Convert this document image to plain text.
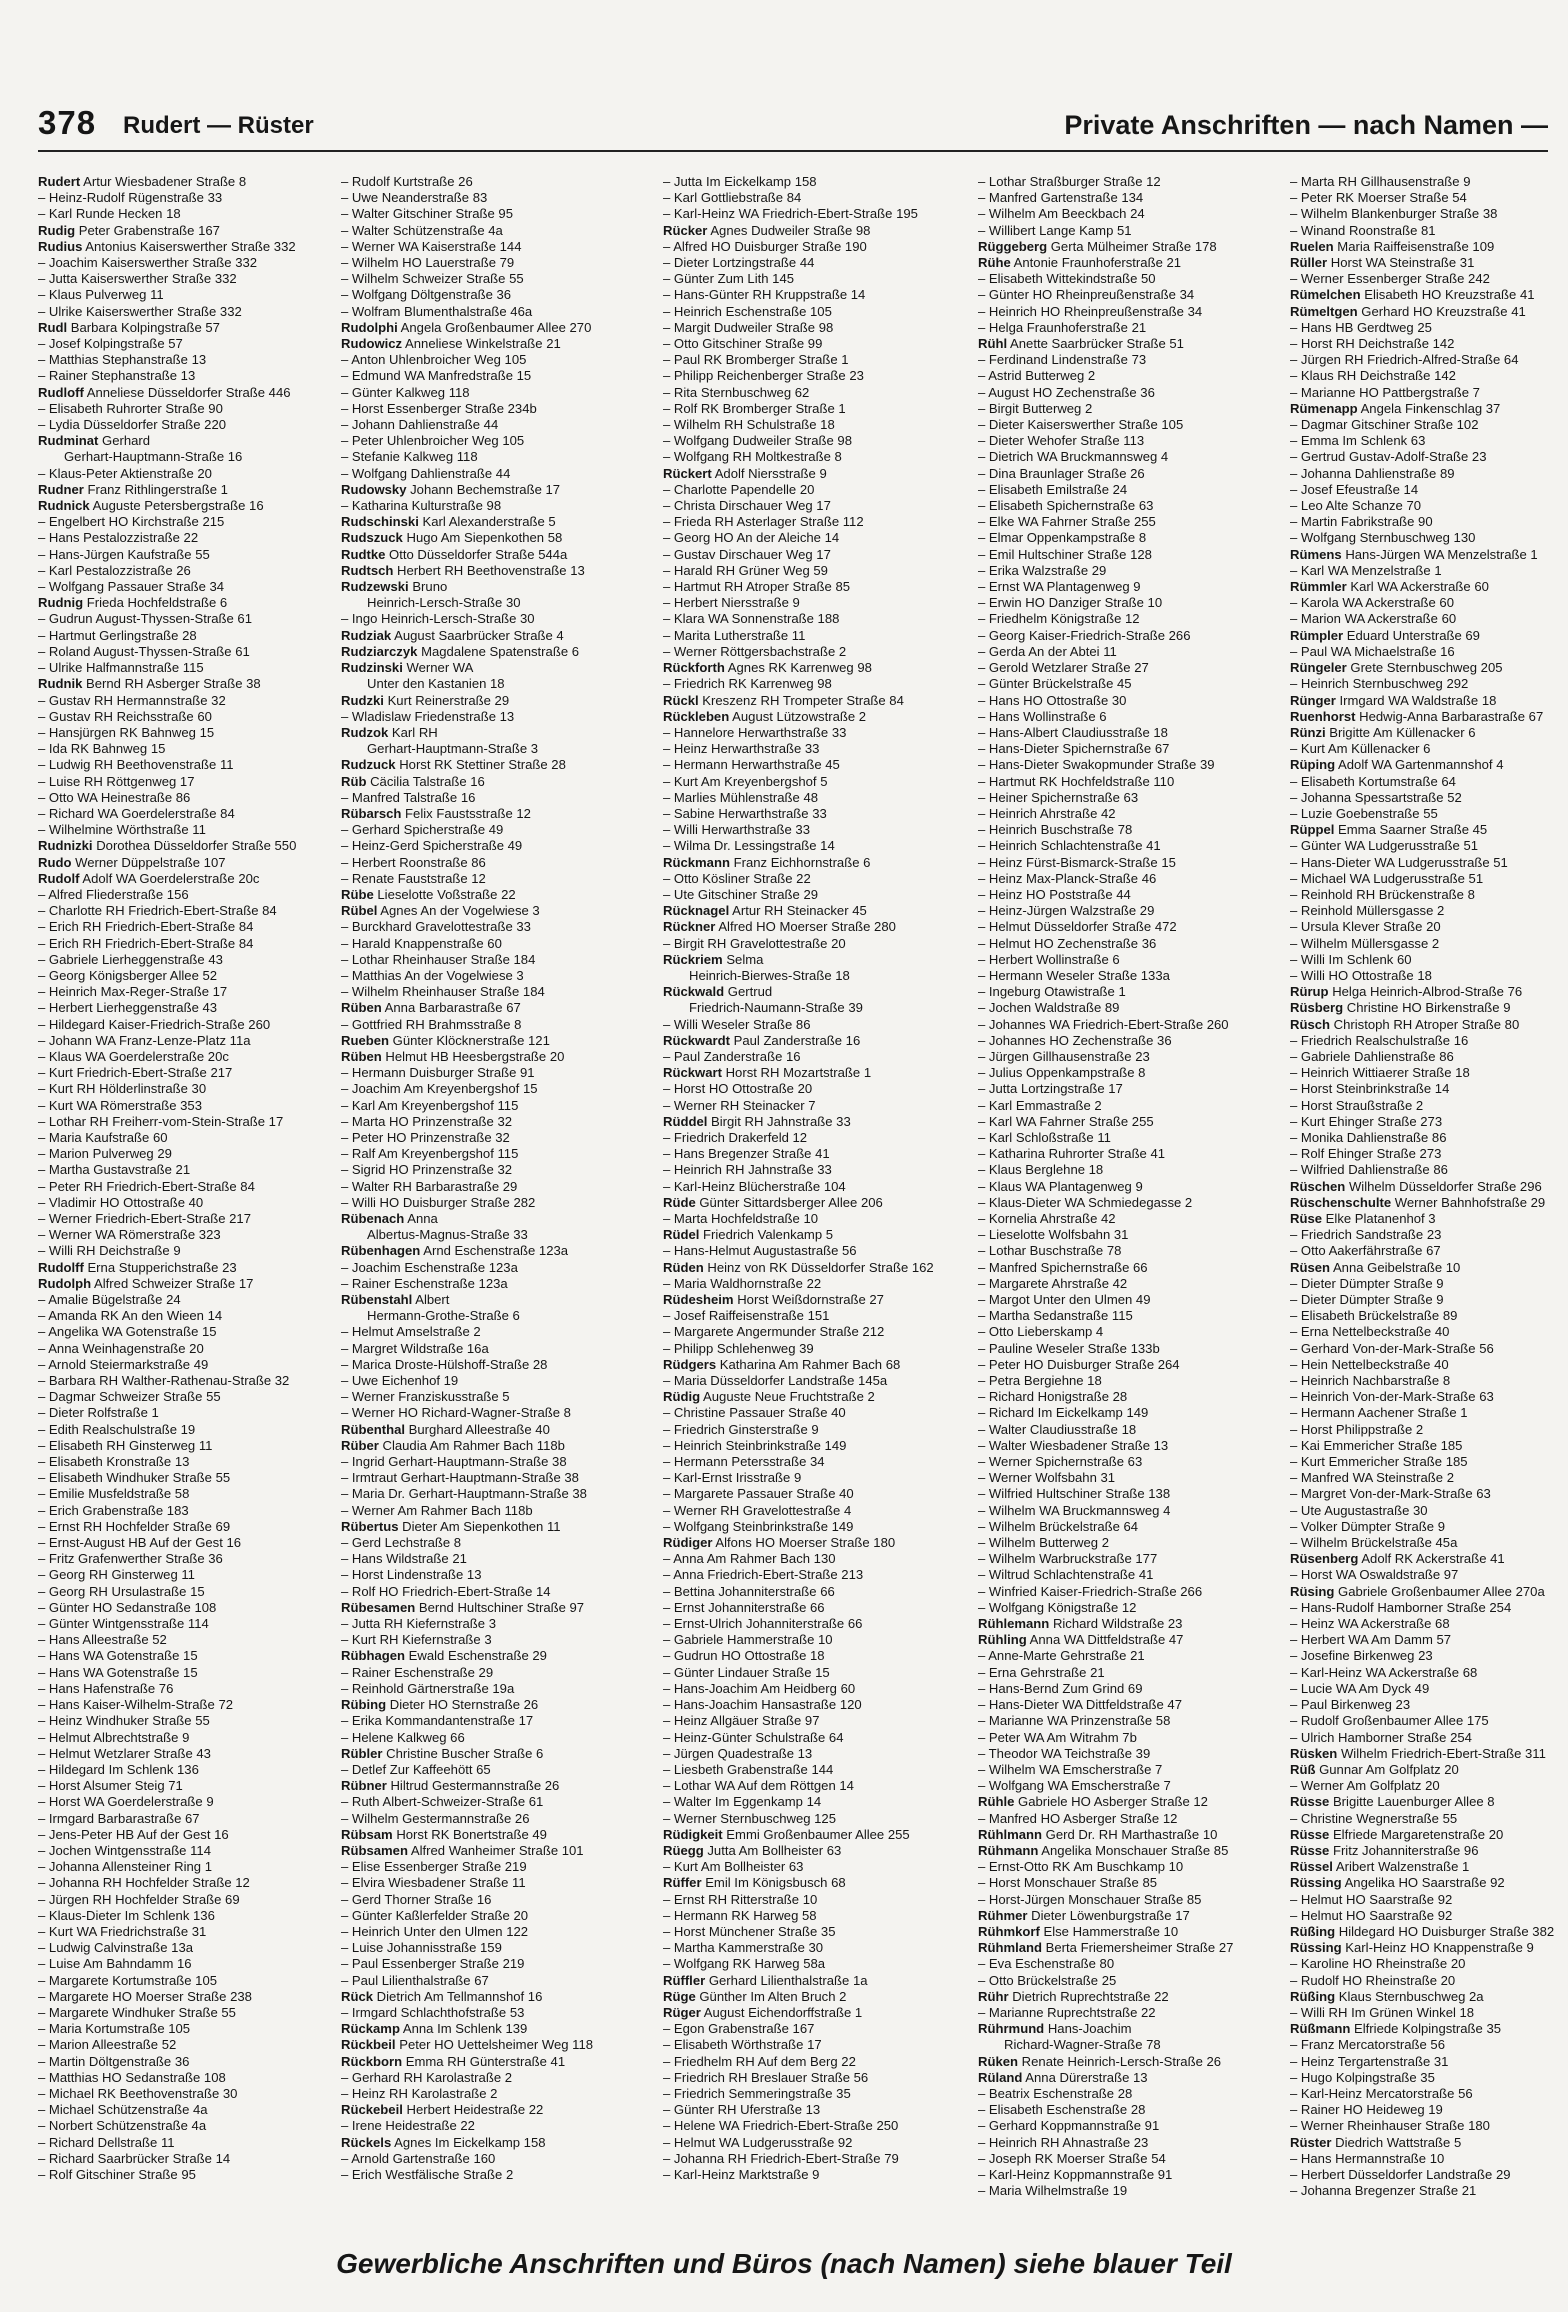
378 Rudert — Rüster	Private Anschriften — nach Namen —
Rudert Artur Wiesbadener Straße 8
– Heinz-Rudolf Rügenstraße 33
– Karl Runde Hecken 18
Rudig Peter Grabenstraße 167
Rudius Antonius Kaiserswerther Straße 332
– Joachim Kaiserswerther Straße 332
– Jutta Kaiserswerther Straße 332
– Klaus Pulverweg 11
– Ulrike Kaiserswerther Straße 332
Rudl Barbara Kolpingstraße 57
– Josef Kolpingstraße 57
– Matthias Stephanstraße 13
– Rainer Stephanstraße 13
Rudloff Anneliese Düsseldorfer Straße 446
– Elisabeth Ruhrorter Straße 90
– Lydia Düsseldorfer Straße 220
Rudminat Gerhard
Gerhart-Hauptmann-Straße 16
– Klaus-Peter Aktienstraße 20
Rudner Franz Rithlingerstraße 1
Rudnick Auguste Petersbergstraße 16
– Engelbert HO Kirchstraße 215
– Hans Pestalozzistraße 22
– Hans-Jürgen Kaufstraße 55
– Karl Pestalozzistraße 26
– Wolfgang Passauer Straße 34
Rudnig Frieda Hochfeldstraße 6
– Gudrun August-Thyssen-Straße 61
– Hartmut Gerlingstraße 28
– Roland August-Thyssen-Straße 61
– Ulrike Halfmannstraße 115
Rudnik Bernd RH Asberger Straße 38
– Gustav RH Hermannstraße 32
– Gustav RH Reichsstraße 60
– Hansjürgen RK Bahnweg 15
– Ida RK Bahnweg 15
– Ludwig RH Beethovenstraße 11
– Luise RH Röttgenweg 17
– Otto WA Heinestraße 86
– Richard WA Goerdelerstraße 84
– Wilhelmine Wörthstraße 11
Rudnizki Dorothea Düsseldorfer Straße 550
Rudo Werner Düppelstraße 107
Rudolf Adolf WA Goerdelerstraße 20c
– Alfred Fliederstraße 156
– Charlotte RH Friedrich-Ebert-Straße 84
– Erich RH Friedrich-Ebert-Straße 84
– Erich RH Friedrich-Ebert-Straße 84
– Gabriele Lierheggenstraße 43
– Georg Königsberger Allee 52
– Heinrich Max-Reger-Straße 17
– Herbert Lierheggenstraße 43
– Hildegard Kaiser-Friedrich-Straße 260
– Johann WA Franz-Lenze-Platz 11a
– Klaus WA Goerdelerstraße 20c
– Kurt Friedrich-Ebert-Straße 217
– Kurt RH Hölderlinstraße 30
– Kurt WA Römerstraße 353
– Lothar RH Freiherr-vom-Stein-Straße 17
– Maria Kaufstraße 60
– Marion Pulverweg 29
– Martha Gustavstraße 21
– Peter RH Friedrich-Ebert-Straße 84
– Vladimir HO Ottostraße 40
– Werner Friedrich-Ebert-Straße 217
– Werner WA Römerstraße 323
– Willi RH Deichstraße 9
Rudolff Erna Stupperichstraße 23
Rudolph Alfred Schweizer Straße 17
– Amalie Bügelstraße 24
– Amanda RK An den Wieen 14
– Angelika WA Gotenstraße 15
– Anna Weinhagenstraße 20
– Arnold Steiermarkstraße 49
– Barbara RH Walther-Rathenau-Straße 32
– Dagmar Schweizer Straße 55
– Dieter Rolfstraße 1
– Edith Realschulstraße 19
– Elisabeth RH Ginsterweg 11
– Elisabeth Kronstraße 13
– Elisabeth Windhuker Straße 55
– Emilie Musfeldstraße 58
– Erich Grabenstraße 183
– Ernst RH Hochfelder Straße 69
– Ernst-August HB Auf der Gest 16
– Fritz Grafenwerther Straße 36
– Georg RH Ginsterweg 11
– Georg RH Ursulastraße 15
– Günter HO Sedanstraße 108
– Günter Wintgensstraße 114
– Hans Alleestraße 52
– Hans WA Gotenstraße 15
– Hans WA Gotenstraße 15
– Hans Hafenstraße 76
– Hans Kaiser-Wilhelm-Straße 72
– Heinz Windhuker Straße 55
– Helmut Albrechtstraße 9
– Helmut Wetzlarer Straße 43
– Hildegard Im Schlenk 136
– Horst Alsumer Steig 71
– Horst WA Goerdelerstraße 9
– Irmgard Barbarastraße 67
– Jens-Peter HB Auf der Gest 16
– Jochen Wintgensstraße 114
– Johanna Allensteiner Ring 1
– Johanna RH Hochfelder Straße 12
– Jürgen RH Hochfelder Straße 69
– Klaus-Dieter Im Schlenk 136
– Kurt WA Friedrichstraße 31
– Ludwig Calvinstraße 13a
– Luise Am Bahndamm 16
– Margarete Kortumstraße 105
– Margarete HO Moerser Straße 238
– Margarete Windhuker Straße 55
– Maria Kortumstraße 105
– Marion Alleestraße 52
– Martin Döltgenstraße 36
– Matthias HO Sedanstraße 108
– Michael RK Beethovenstraße 30
– Michael Schützenstraße 4a
– Norbert Schützenstraße 4a
– Richard Dellstraße 11
– Richard Saarbrücker Straße 14
– Rolf Gitschiner Straße 95
– Rudolf Kurtstraße 26
– Uwe Neanderstraße 83
– Walter Gitschiner Straße 95
– Walter Schützenstraße 4a
– Werner WA Kaiserstraße 144
– Wilhelm HO Lauerstraße 79
– Wilhelm Schweizer Straße 55
– Wolfgang Döltgenstraße 36
– Wolfram Blumenthalstraße 46a
Rudolphi Angela Großenbaumer Allee 270
Rudowicz Anneliese Winkelstraße 21
– Anton Uhlenbroicher Weg 105
– Edmund WA Manfredstraße 15
– Günter Kalkweg 118
– Horst Essenberger Straße 234b
– Johann Dahlienstraße 44
– Peter Uhlenbroicher Weg 105
– Stefanie Kalkweg 118
– Wolfgang Dahlienstraße 44
Rudowsky Johann Bechemstraße 17
– Katharina Kulturstraße 98
Rudschinski Karl Alexanderstraße 5
Rudszuck Hugo Am Siepenkothen 58
Rudtke Otto Düsseldorfer Straße 544a
Rudtsch Herbert RH Beethovenstraße 13
Rudzewski Bruno
Heinrich-Lersch-Straße 30
– Ingo Heinrich-Lersch-Straße 30
Rudziak August Saarbrücker Straße 4
Rudziarczyk Magdalene Spatenstraße 6
Rudzinski Werner WA
Unter den Kastanien 18
Rudzki Kurt Reinerstraße 29
– Wladislaw Friedenstraße 13
Rudzok Karl RH
Gerhart-Hauptmann-Straße 3
Rudzuck Horst RK Stettiner Straße 28
Rüb Cäcilia Talstraße 16
– Manfred Talstraße 16
Rübarsch Felix Faustsstraße 12
– Gerhard Spicherstraße 49
– Heinz-Gerd Spicherstraße 49
– Herbert Roonstraße 86
– Renate Fauststraße 12
Rübe Lieselotte Voßstraße 22
Rübel Agnes An der Vogelwiese 3
– Burckhard Gravelottestraße 33
– Harald Knappenstraße 60
– Lothar Rheinhauser Straße 184
– Matthias An der Vogelwiese 3
– Wilhelm Rheinhauser Straße 184
Rüben Anna Barbarastraße 67
– Gottfried RH Brahmsstraße 8
Rueben Günter Klöcknerstraße 121
Rüben Helmut HB Heesbergstraße 20
– Hermann Duisburger Straße 91
– Joachim Am Kreyenbergshof 15
– Karl Am Kreyenbergshof 115
– Marta HO Prinzenstraße 32
– Peter HO Prinzenstraße 32
– Ralf Am Kreyenbergshof 115
– Sigrid HO Prinzenstraße 32
– Walter RH Barbarastraße 29
– Willi HO Duisburger Straße 282
Rübenach Anna
Albertus-Magnus-Straße 33
Rübenhagen Arnd Eschenstraße 123a
– Joachim Eschenstraße 123a
– Rainer Eschenstraße 123a
Rübenstahl Albert
Hermann-Grothe-Straße 6
– Helmut Amselstraße 2
– Margret Wildstraße 16a
– Marica Droste-Hülshoff-Straße 28
– Uwe Eichenhof 19
– Werner Franziskusstraße 5
– Werner HO Richard-Wagner-Straße 8
Rübenthal Burghard Alleestraße 40
Rüber Claudia Am Rahmer Bach 118b
– Ingrid Gerhart-Hauptmann-Straße 38
– Irmtraut Gerhart-Hauptmann-Straße 38
– Maria Dr. Gerhart-Hauptmann-Straße 38
– Werner Am Rahmer Bach 118b
Rübertus Dieter Am Siepenkothen 11
– Gerd Lechstraße 8
– Hans Wildstraße 21
– Horst Lindenstraße 13
– Rolf HO Friedrich-Ebert-Straße 14
Rübesamen Bernd Hultschiner Straße 97
– Jutta RH Kiefernstraße 3
– Kurt RH Kiefernstraße 3
Rübhagen Ewald Eschenstraße 29
– Rainer Eschenstraße 29
– Reinhold Gärtnerstraße 19a
Rübing Dieter HO Sternstraße 26
– Erika Kommandantenstraße 17
– Helene Kalkweg 66
Rübler Christine Buscher Straße 6
– Detlef Zur Kaffeehött 65
Rübner Hiltrud Gestermannstraße 26
– Ruth Albert-Schweizer-Straße 61
– Wilhelm Gestermannstraße 26
Rübsam Horst RK Bonertstraße 49
Rübsamen Alfred Wanheimer Straße 101
– Elise Essenberger Straße 219
– Elvira Wiesbadener Straße 11
– Gerd Thorner Straße 16
– Günter Kaßlerfelder Straße 20
– Heinrich Unter den Ulmen 122
– Luise Johannisstraße 159
– Paul Essenberger Straße 219
– Paul Lilienthalstraße 67
Rück Dietrich Am Tellmannshof 16
– Irmgard Schlachthofstraße 53
Rückamp Anna Im Schlenk 139
Rückbeil Peter HO Uettelsheimer Weg 118
Rückborn Emma RH Günterstraße 41
– Gerhard RH Karolastraße 2
– Heinz RH Karolastraße 2
Rückebeil Herbert Heidestraße 22
– Irene Heidestraße 22
Rückels Agnes Im Eickelkamp 158
– Arnold Gartenstraße 160
– Erich Westfälische Straße 2
– Jutta Im Eickelkamp 158
– Karl Gottliebstraße 84
– Karl-Heinz WA Friedrich-Ebert-Straße 195
Rücker Agnes Dudweiler Straße 98
– Alfred HO Duisburger Straße 190
– Dieter Lortzingstraße 44
– Günter Zum Lith 145
– Hans-Günter RH Kruppstraße 14
– Heinrich Eschenstraße 105
– Margit Dudweiler Straße 98
– Otto Gitschiner Straße 99
– Paul RK Bromberger Straße 1
– Philipp Reichenberger Straße 23
– Rita Sternbuschweg 62
– Rolf RK Bromberger Straße 1
– Wilhelm RH Schulstraße 18
– Wolfgang Dudweiler Straße 98
– Wolfgang RH Moltkestraße 8
Rückert Adolf Niersstraße 9
– Charlotte Papendelle 20
– Christa Dirschauer Weg 17
– Frieda RH Asterlager Straße 112
– Georg HO An der Aleiche 14
– Gustav Dirschauer Weg 17
– Harald RH Grüner Weg 59
– Hartmut RH Atroper Straße 85
– Herbert Niersstraße 9
– Klara WA Sonnenstraße 188
– Marita Lutherstraße 11
– Werner Röttgersbachstraße 2
Rückforth Agnes RK Karrenweg 98
– Friedrich RK Karrenweg 98
Rückl Kreszenz RH Trompeter Straße 84
Rückleben August Lützowstraße 2
– Hannelore Herwarthstraße 33
– Heinz Herwarthstraße 33
– Hermann Herwarthstraße 45
– Kurt Am Kreyenbergshof 5
– Marlies Mühlenstraße 48
– Sabine Herwarthstraße 33
– Willi Herwarthstraße 33
– Wilma Dr. Lessingstraße 14
Rückmann Franz Eichhornstraße 6
– Otto Kösliner Straße 22
– Ute Gitschiner Straße 29
Rücknagel Artur RH Steinacker 45
Rückner Alfred HO Moerser Straße 280
– Birgit RH Gravelottestraße 20
Rückriem Selma
Heinrich-Bierwes-Straße 18
Rückwald Gertrud
Friedrich-Naumann-Straße 39
– Willi Weseler Straße 86
Rückwardt Paul Zanderstraße 16
– Paul Zanderstraße 16
Rückwart Horst RH Mozartstraße 1
– Horst HO Ottostraße 20
– Werner RH Steinacker 7
Rüddel Birgit RH Jahnstraße 33
– Friedrich Drakerfeld 12
– Hans Bregenzer Straße 41
– Heinrich RH Jahnstraße 33
– Karl-Heinz Blücherstraße 104
Rüde Günter Sittardsberger Allee 206
– Marta Hochfeldstraße 10
Rüdel Friedrich Valenkamp 5
– Hans-Helmut Augustastraße 56
Rüden Heinz von RK Düsseldorfer Straße 162
– Maria Waldhornstraße 22
Rüdesheim Horst Weißdornstraße 27
– Josef Raiffeisenstraße 151
– Margarete Angermunder Straße 212
– Philipp Schlehenweg 39
Rüdgers Katharina Am Rahmer Bach 68
– Maria Düsseldorfer Landstraße 145a
Rüdig Auguste Neue Fruchtstraße 2
– Christine Passauer Straße 40
– Friedrich Ginsterstraße 9
– Heinrich Steinbrinkstraße 149
– Hermann Petersstraße 34
– Karl-Ernst Irisstraße 9
– Margarete Passauer Straße 40
– Werner RH Gravelottestraße 4
– Wolfgang Steinbrinkstraße 149
Rüdiger Alfons HO Moerser Straße 180
– Anna Am Rahmer Bach 130
– Anna Friedrich-Ebert-Straße 213
– Bettina Johanniterstraße 66
– Ernst Johanniterstraße 66
– Ernst-Ulrich Johanniterstraße 66
– Gabriele Hammerstraße 10
– Gudrun HO Ottostraße 18
– Günter Lindauer Straße 15
– Hans-Joachim Am Heidberg 60
– Hans-Joachim Hansastraße 120
– Heinz Allgäuer Straße 97
– Heinz-Günter Schulstraße 64
– Jürgen Quadestraße 13
– Liesbeth Grabenstraße 144
– Lothar WA Auf dem Röttgen 14
– Walter Im Eggenkamp 14
– Werner Sternbuschweg 125
Rüdigkeit Emmi Großenbaumer Allee 255
Rüegg Jutta Am Bollheister 63
– Kurt Am Bollheister 63
Rüffer Emil Im Königsbusch 68
– Ernst RH Ritterstraße 10
– Hermann RK Harweg 58
– Horst Münchener Straße 35
– Martha Kammerstraße 30
– Wolfgang RK Harweg 58a
Rüffler Gerhard Lilienthalstraße 1a
Rüge Günther Im Alten Bruch 2
Rüger August Eichendorffstraße 1
– Egon Grabenstraße 167
– Elisabeth Wörthstraße 17
– Friedhelm RH Auf dem Berg 22
– Friedrich RH Breslauer Straße 56
– Friedrich Semmeringstraße 35
– Günter RH Uferstraße 13
– Helene WA Friedrich-Ebert-Straße 250
– Helmut WA Ludgerusstraße 92
– Johanna RH Friedrich-Ebert-Straße 79
– Karl-Heinz Marktstraße 9
– Lothar Straßburger Straße 12
– Manfred Gartenstraße 134
– Wilhelm Am Beeckbach 24
– Willibert Lange Kamp 51
Rüggeberg Gerta Mülheimer Straße 178
Rühe Antonie Fraunhoferstraße 21
– Elisabeth Wittekindstraße 50
– Günter HO Rheinpreußenstraße 34
– Heinrich HO Rheinpreußenstraße 34
– Helga Fraunhoferstraße 21
Rühl Anette Saarbrücker Straße 51
– Ferdinand Lindenstraße 73
– Astrid Butterweg 2
– August HO Zechenstraße 36
– Birgit Butterweg 2
– Dieter Kaiserswerther Straße 105
– Dieter Wehofer Straße 113
– Dietrich WA Bruckmannsweg 4
– Dina Braunlager Straße 26
– Elisabeth Emilstraße 24
– Elisabeth Spichernstraße 63
– Elke WA Fahrner Straße 255
– Elmar Oppenkampstraße 8
– Emil Hultschiner Straße 128
– Erika Walzstraße 29
– Ernst WA Plantagenweg 9
– Erwin HO Danziger Straße 10
– Friedhelm Königstraße 12
– Georg Kaiser-Friedrich-Straße 266
– Gerda An der Abtei 11
– Gerold Wetzlarer Straße 27
– Günter Brückelstraße 45
– Hans HO Ottostraße 30
– Hans Wollinstraße 6
– Hans-Albert Claudiusstraße 18
– Hans-Dieter Spichernstraße 67
– Hans-Dieter Swakopmunder Straße 39
– Hartmut RK Hochfeldstraße 110
– Heiner Spichernstraße 63
– Heinrich Ahrstraße 42
– Heinrich Buschstraße 78
– Heinrich Schlachtenstraße 41
– Heinz Fürst-Bismarck-Straße 15
– Heinz Max-Planck-Straße 46
– Heinz HO Poststraße 44
– Heinz-Jürgen Walzstraße 29
– Helmut Düsseldorfer Straße 472
– Helmut HO Zechenstraße 36
– Herbert Wollinstraße 6
– Hermann Weseler Straße 133a
– Ingeburg Otawistraße 1
– Jochen Waldstraße 89
– Johannes WA Friedrich-Ebert-Straße 260
– Johannes HO Zechenstraße 36
– Jürgen Gillhausenstraße 23
– Julius Oppenkampstraße 8
– Jutta Lortzingstraße 17
– Karl Emmastraße 2
– Karl WA Fahrner Straße 255
– Karl Schloßstraße 11
– Katharina Ruhrorter Straße 41
– Klaus Berglehne 18
– Klaus WA Plantagenweg 9
– Klaus-Dieter WA Schmiedegasse 2
– Kornelia Ahrstraße 42
– Lieselotte Wolfsbahn 31
– Lothar Buschstraße 78
– Manfred Spichernstraße 66
– Margarete Ahrstraße 42
– Margot Unter den Ulmen 49
– Martha Sedanstraße 115
– Otto Lieberskamp 4
– Pauline Weseler Straße 133b
– Peter HO Duisburger Straße 264
– Petra Bergiehne 18
– Richard Honigstraße 28
– Richard Im Eickelkamp 149
– Walter Claudiusstraße 18
– Walter Wiesbadener Straße 13
– Werner Spichernstraße 63
– Werner Wolfsbahn 31
– Wilfried Hultschiner Straße 138
– Wilhelm WA Bruckmannsweg 4
– Wilhelm Brückelstraße 64
– Wilhelm Butterweg 2
– Wilhelm Warbruckstraße 177
– Wiltrud Schlachtenstraße 41
– Winfried Kaiser-Friedrich-Straße 266
– Wolfgang Königstraße 12
Rühlemann Richard Wildstraße 23
Rühling Anna WA Dittfeldstraße 47
– Anne-Marte Gehrstraße 21
– Erna Gehrstraße 21
– Hans-Bernd Zum Grind 69
– Hans-Dieter WA Dittfeldstraße 47
– Marianne WA Prinzenstraße 58
– Peter WA Am Witrahm 7b
– Theodor WA Teichstraße 39
– Wilhelm WA Emscherstraße 7
– Wolfgang WA Emscherstraße 7
Rühle Gabriele HO Asberger Straße 12
– Manfred HO Asberger Straße 12
Rühlmann Gerd Dr. RH Marthastraße 10
Rühmann Angelika Monschauer Straße 85
– Ernst-Otto RK Am Buschkamp 10
– Horst Monschauer Straße 85
– Horst-Jürgen Monschauer Straße 85
Rühmer Dieter Löwenburgstraße 17
Rühmkorf Else Hammerstraße 10
Rühmland Berta Friemersheimer Straße 27
– Eva Eschenstraße 80
– Otto Brückelstraße 25
Rühr Dietrich Ruprechtstraße 22
– Marianne Ruprechtstraße 22
Rührmund Hans-Joachim
Richard-Wagner-Straße 78
Rüken Renate Heinrich-Lersch-Straße 26
Rüland Anna Dürerstraße 13
– Beatrix Eschenstraße 28
– Elisabeth Eschenstraße 28
– Gerhard Koppmannstraße 91
– Heinrich RH Ahnastraße 23
– Joseph RK Moerser Straße 54
– Karl-Heinz Koppmannstraße 91
– Maria Wilhelmstraße 19
– Marta RH Gillhausenstraße 9
– Peter RK Moerser Straße 54
– Wilhelm Blankenburger Straße 38
– Winand Roonstraße 81
Ruelen Maria Raiffeisenstraße 109
Rüller Horst WA Steinstraße 31
– Werner Essenberger Straße 242
Rümelchen Elisabeth HO Kreuzstraße 41
Rümeltgen Gerhard HO Kreuzstraße 41
– Hans HB Gerdtweg 25
– Horst RH Deichstraße 142
– Jürgen RH Friedrich-Alfred-Straße 64
– Klaus RH Deichstraße 142
– Marianne HO Pattbergstraße 7
Rümenapp Angela Finkenschlag 37
– Dagmar Gitschiner Straße 102
– Emma Im Schlenk 63
– Gertrud Gustav-Adolf-Straße 23
– Johanna Dahlienstraße 89
– Josef Efeustraße 14
– Leo Alte Schanze 70
– Martin Fabrikstraße 90
– Wolfgang Sternbuschweg 130
Rümens Hans-Jürgen WA Menzelstraße 1
– Karl WA Menzelstraße 1
Rümmler Karl WA Ackerstraße 60
– Karola WA Ackerstraße 60
– Marion WA Ackerstraße 60
Rümpler Eduard Unterstraße 69
– Paul WA Michaelstraße 16
Rüngeler Grete Sternbuschweg 205
– Heinrich Sternbuschweg 292
Rünger Irmgard WA Waldstraße 18
Ruenhorst Hedwig-Anna Barbarastraße 67
Rünzi Brigitte Am Küllenacker 6
– Kurt Am Küllenacker 6
Rüping Adolf WA Gartenmannshof 4
– Elisabeth Kortumstraße 64
– Johanna Spessartstraße 52
– Luzie Goebenstraße 55
Rüppel Emma Saarner Straße 45
– Günter WA Ludgerusstraße 51
– Hans-Dieter WA Ludgerusstraße 51
– Michael WA Ludgerusstraße 51
– Reinhold RH Brückenstraße 8
– Reinhold Müllersgasse 2
– Ursula Klever Straße 20
– Wilhelm Müllersgasse 2
– Willi Im Schlenk 60
– Willi HO Ottostraße 18
Rürup Helga Heinrich-Albrod-Straße 76
Rüsberg Christine HO Birkenstraße 9
Rüsch Christoph RH Atroper Straße 80
– Friedrich Realschulstraße 16
– Gabriele Dahlienstraße 86
– Heinrich Wittiaerer Straße 18
– Horst Steinbrinkstraße 14
– Horst Straußstraße 2
– Kurt Ehinger Straße 273
– Monika Dahlienstraße 86
– Rolf Ehinger Straße 273
– Wilfried Dahlienstraße 86
Rüschen Wilhelm Düsseldorfer Straße 296
Rüschenschulte Werner Bahnhofstraße 29
Rüse Elke Platanenhof 3
– Friedrich Sandstraße 23
– Otto Aakerfährstraße 67
Rüsen Anna Geibelstraße 10
– Dieter Dümpter Straße 9
– Dieter Dümpter Straße 9
– Elisabeth Brückelstraße 89
– Erna Nettelbeckstraße 40
– Gerhard Von-der-Mark-Straße 56
– Hein Nettelbeckstraße 40
– Heinrich Nachbarstraße 8
– Heinrich Von-der-Mark-Straße 63
– Hermann Aachener Straße 1
– Horst Philippstraße 2
– Kai Emmericher Straße 185
– Kurt Emmericher Straße 185
– Manfred WA Steinstraße 2
– Margret Von-der-Mark-Straße 63
– Ute Augustastraße 30
– Volker Dümpter Straße 9
– Wilhelm Brückelstraße 45a
Rüsenberg Adolf RK Ackerstraße 41
– Horst WA Oswaldstraße 97
Rüsing Gabriele Großenbaumer Allee 270a
– Hans-Rudolf Hamborner Straße 254
– Heinz WA Ackerstraße 68
– Herbert WA Am Damm 57
– Josefine Birkenweg 23
– Karl-Heinz WA Ackerstraße 68
– Lucie WA Am Dyck 49
– Paul Birkenweg 23
– Rudolf Großenbaumer Allee 175
– Ulrich Hamborner Straße 254
Rüsken Wilhelm Friedrich-Ebert-Straße 311
Rüß Gunnar Am Golfplatz 20
– Werner Am Golfplatz 20
Rüsse Brigitte Lauenburger Allee 8
– Christine Wegnerstraße 55
Rüsse Elfriede Margaretenstraße 20
Rüsse Fritz Johanniterstraße 96
Rüssel Aribert Walzenstraße 1
Rüssing Angelika HO Saarstraße 92
– Helmut HO Saarstraße 92
– Helmut HO Saarstraße 92
Rüßing Hildegard HO Duisburger Straße 382
Rüssing Karl-Heinz HO Knappenstraße 9
– Karoline HO Rheinstraße 20
– Rudolf HO Rheinstraße 20
Rüßing Klaus Sternbuschweg 2a
– Willi RH Im Grünen Winkel 18
Rüßmann Elfriede Kolpingstraße 35
– Franz Mercatorstraße 56
– Heinz Tergartenstraße 31
– Hugo Kolpingstraße 35
– Karl-Heinz Mercatorstraße 56
– Rainer HO Heideweg 19
– Werner Rheinhauser Straße 180
Rüster Diedrich Wattstraße 5
– Hans Hermannstraße 10
– Herbert Düsseldorfer Landstraße 29
– Johanna Bregenzer Straße 21
Gewerbliche Anschriften und Büros (nach Namen) siehe blauer Teil
